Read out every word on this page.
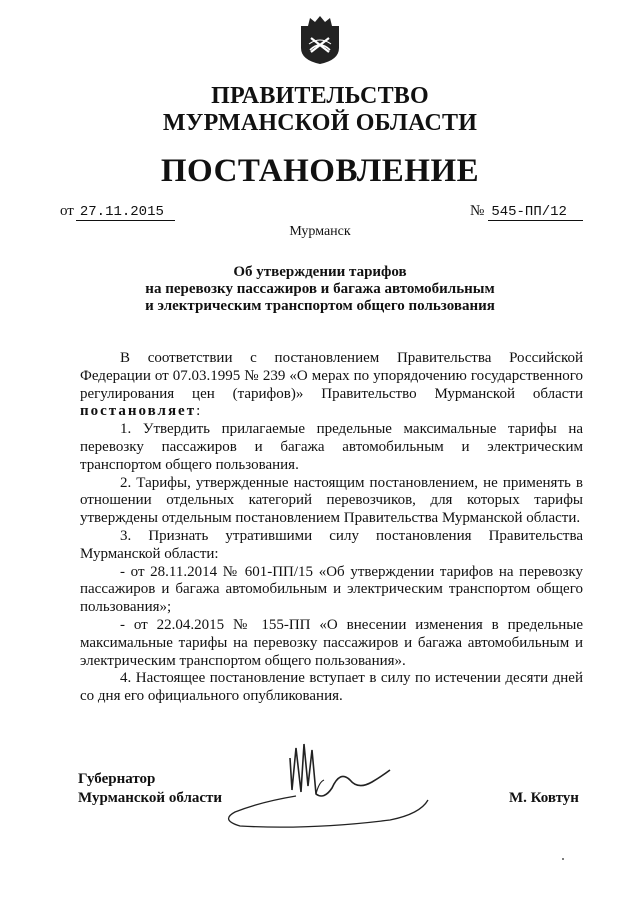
ПРАВИТЕЛЬСТВО
МУРМАНСКОЙ ОБЛАСТИ
ПОСТАНОВЛЕНИЕ
от 27.11.2015	№ 545-ПП/12
Мурманск
Об утверждении тарифов
на перевозку пассажиров и багажа автомобильным
и электрическим транспортом общего пользования

В соответствии с постановлением Правительства Российской Федерации от 07.03.1995 № 239 «О мерах по упорядочению государственного регулирования цен (тарифов)» Правительство Мурманской области постановляет:

1. Утвердить прилагаемые предельные максимальные тарифы на перевозку пассажиров и багажа автомобильным и электрическим транспортом общего пользования.

2. Тарифы, утвержденные настоящим постановлением, не применять в отношении отдельных категорий перевозчиков, для которых тарифы утверждены отдельным постановлением Правительства Мурманской области.

3. Признать утратившими силу постановления Правительства Мурманской области:

- от 28.11.2014 № 601-ПП/15 «Об утверждении тарифов на перевозку пассажиров и багажа автомобильным и электрическим транспортом общего пользования»;

- от 22.04.2015 № 155-ПП «О внесении изменения в предельные максимальные тарифы на перевозку пассажиров и багажа автомобильным и электрическим транспортом общего пользования».

4. Настоящее постановление вступает в силу по истечении десяти дней со дня его официального опубликования.

Губернатор
Мурманской области	М. Ковтун
